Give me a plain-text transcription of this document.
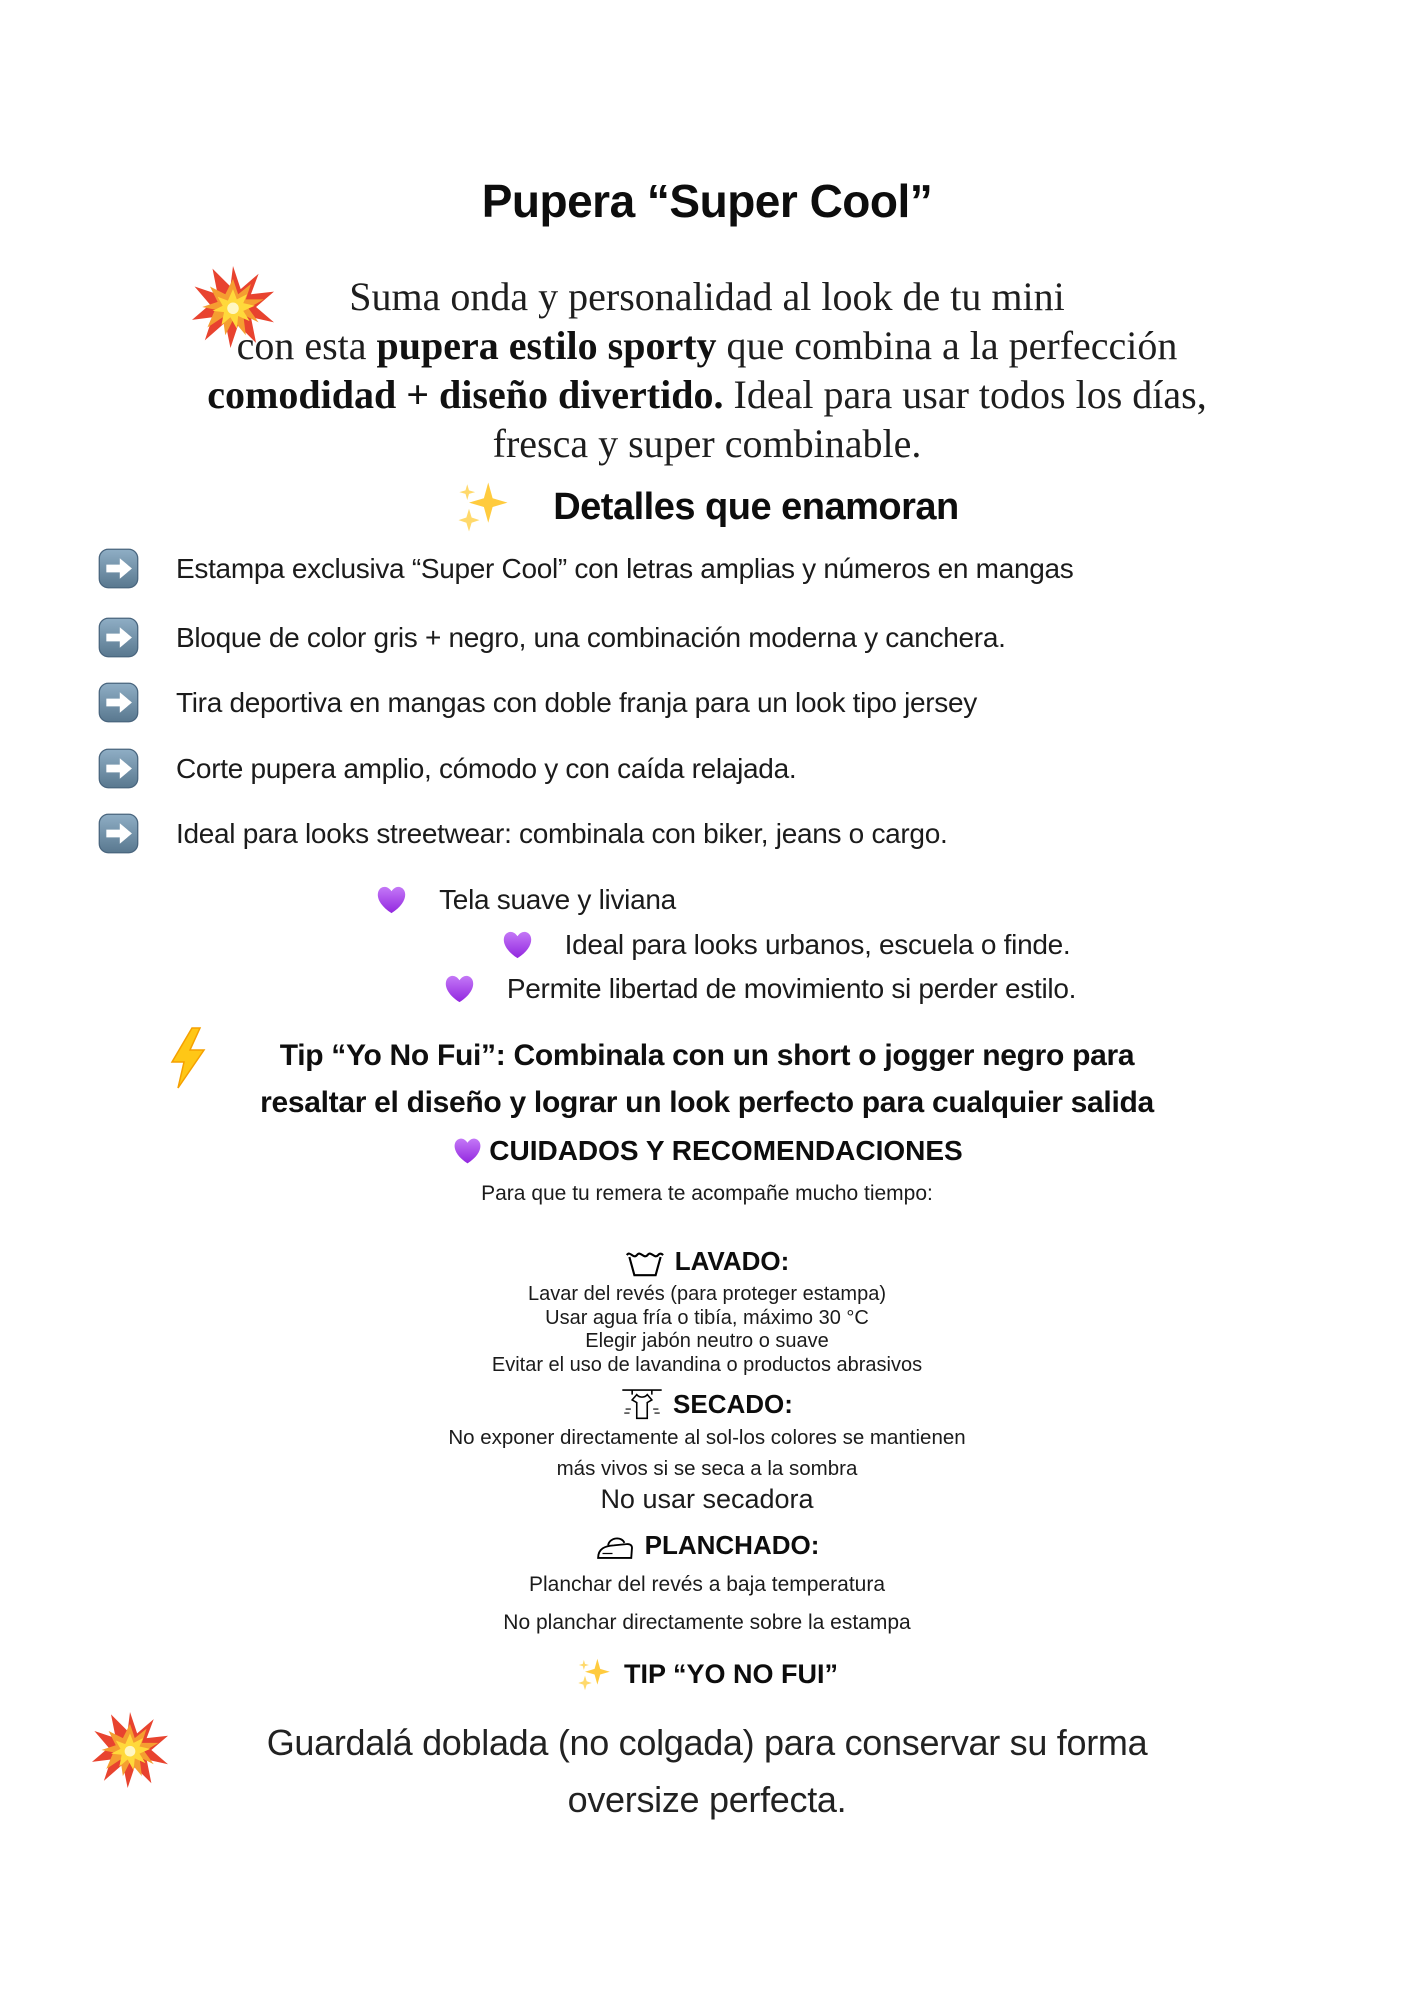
Pupera “Super Cool”
Suma onda y personalidad al look de tu mini
con esta pupera estilo sporty que combina a la perfección
comodidad + diseño divertido. Ideal para usar todos los días,
fresca y super combinable.
Detalles que enamoran
Estampa exclusiva “Super Cool” con letras amplias y números en mangas
Bloque de color gris + negro, una combinación moderna y canchera.
Tira deportiva en mangas con doble franja para un look tipo jersey
Corte pupera amplio, cómodo y con caída relajada.
Ideal para looks streetwear: combinala con biker, jeans o cargo.
Tela suave y liviana
Ideal para looks urbanos, escuela o finde.
Permite libertad de movimiento si perder estilo.
Tip “Yo No Fui”: Combinala con un short o jogger negro para
resaltar el diseño y lograr un look perfecto para cualquier salida
CUIDADOS Y RECOMENDACIONES
Para que tu remera te acompañe mucho tiempo:
LAVADO:
Lavar del revés (para proteger estampa)
Usar agua fría o tibía, máximo 30 °C
Elegir jabón neutro o suave
Evitar el uso de lavandina o productos abrasivos
SECADO:
No exponer directamente al sol-los colores se mantienen
más vivos si se seca a la sombra
No usar secadora
PLANCHADO:
Planchar del revés a baja temperatura
No planchar directamente sobre la estampa
TIP “YO NO FUI”
Guardalá doblada (no colgada) para conservar su forma
oversize perfecta.
